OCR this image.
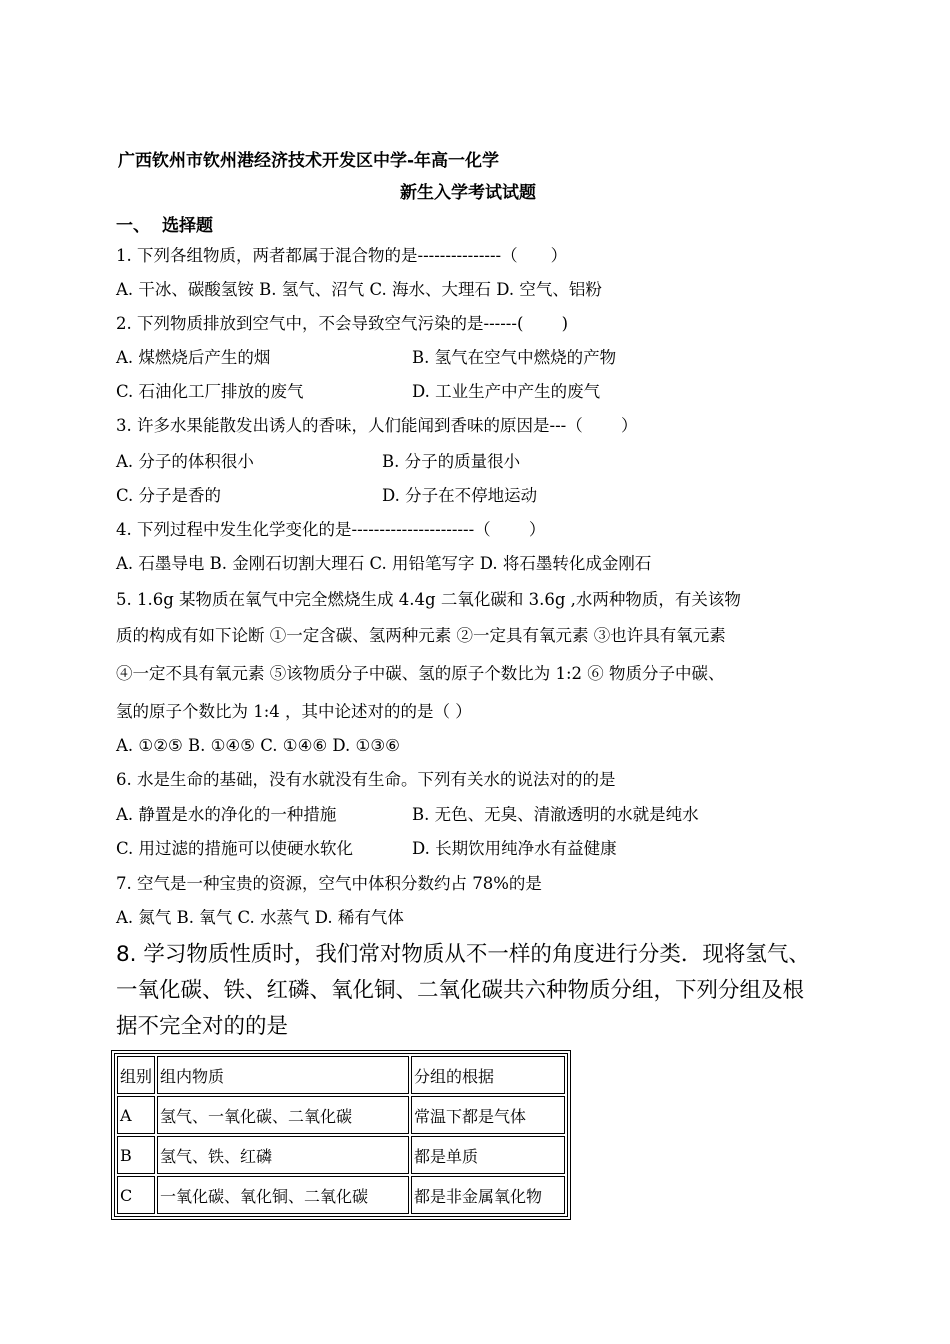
广西钦州市钦州港经济技术开发区中学-年高一化学
新生入学考试试题
一、 选择题
1. 下列各组物质，两者都属于混合物的是---------------（　　）
A. 干冰、碳酸氢铵 B. 氢气、沼气 C. 海水、大理石 D. 空气、铝粉
2. 下列物质排放到空气中，不会导致空气污染的是------(　　 )
A. 煤燃烧后产生的烟	B. 氢气在空气中燃烧的产物
C. 石油化工厂排放的废气	D. 工业生产中产生的废气
3. 许多水果能散发出诱人的香味，人们能闻到香味的原因是---（　　 ）
A. 分子的体积很小	B. 分子的质量很小
C. 分子是香的	D. 分子在不停地运动
4. 下列过程中发生化学变化的是----------------------（　　 ）
A. 石墨导电 B. 金刚石切割大理石 C. 用铅笔写字 D. 将石墨转化成金刚石
5. 1.6g 某物质在氧气中完全燃烧生成 4.4g 二氧化碳和 3.6g ,水两种物质，有关该物
质的构成有如下论断 ①一定含碳、氢两种元素 ②一定具有氧元素 ③也许具有氧元素
④一定不具有氧元素 ⑤该物质分子中碳、氢的原子个数比为 1:2 ⑥ 物质分子中碳、
氢的原子个数比为 1:4 ，其中论述对的的是（ ）
A. ①②⑤ B. ①④⑤ C. ①④⑥ D. ①③⑥
6. 水是生命的基础，没有水就没有生命。下列有关水的说法对的的是
A. 静置是水的净化的一种措施	B. 无色、无臭、清澈透明的水就是纯水
C. 用过滤的措施可以使硬水软化	D. 长期饮用纯净水有益健康
7. 空气是一种宝贵的资源，空气中体积分数约占 78%的是
A. 氮气 B. 氧气 C. 水蒸气 D. 稀有气体
8. 学习物质性质时，我们常对物质从不一样的角度进行分类．现将氢气、
一氧化碳、铁、红磷、氧化铜、二氧化碳共六种物质分组，下列分组及根
据不完全对的的是
组别	组内物质	分组的根据
A	氢气、一氧化碳、二氧化碳	常温下都是气体
B	氢气、铁、红磷	都是单质
C	一氧化碳、氧化铜、二氧化碳	都是非金属氧化物
